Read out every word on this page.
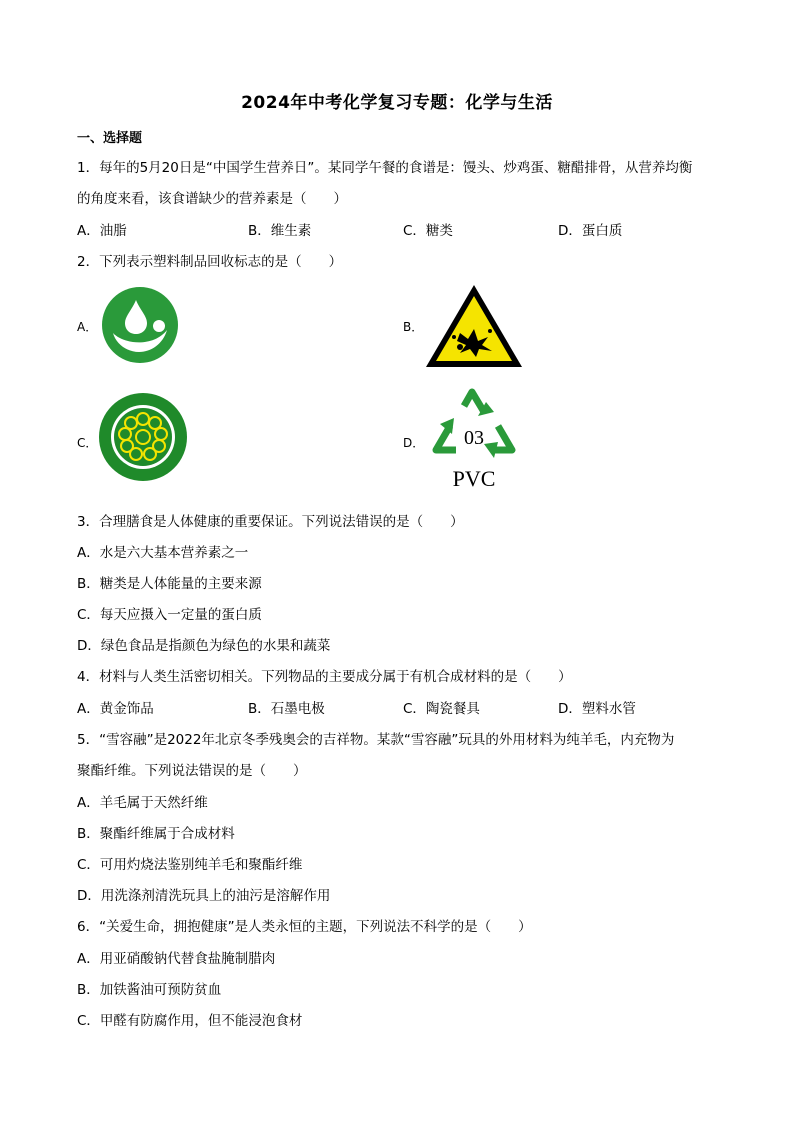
2024年中考化学复习专题：化学与生活
一、选择题
1．每年的5月20日是“中国学生营养日”。某同学午餐的食谱是：馒头、炒鸡蛋、糖醋排骨，从营养均衡
的角度来看，该食谱缺少的营养素是（　　）
A．油脂	B．维生素	C．糖类	D．蛋白质
2．下列表示塑料制品回收标志的是（　　）
A．	B．
C．	D． 03
PVC
3．合理膳食是人体健康的重要保证。下列说法错误的是（　　）
A．水是六大基本营养素之一
B．糖类是人体能量的主要来源
C．每天应摄入一定量的蛋白质
D．绿色食品是指颜色为绿色的水果和蔬菜
4．材料与人类生活密切相关。下列物品的主要成分属于有机合成材料的是（　　）
A．黄金饰品	B．石墨电极	C．陶瓷餐具	D．塑料水管
5．“雪容融”是2022年北京冬季残奥会的吉祥物。某款“雪容融”玩具的外用材料为纯羊毛，内充物为
聚酯纤维。下列说法错误的是（　　）
A．羊毛属于天然纤维
B．聚酯纤维属于合成材料
C．可用灼烧法鉴别纯羊毛和聚酯纤维
D．用洗涤剂清洗玩具上的油污是溶解作用
6．“关爱生命，拥抱健康”是人类永恒的主题，下列说法不科学的是（　　）
A．用亚硝酸钠代替食盐腌制腊肉
B．加铁酱油可预防贫血
C．甲醛有防腐作用，但不能浸泡食材
